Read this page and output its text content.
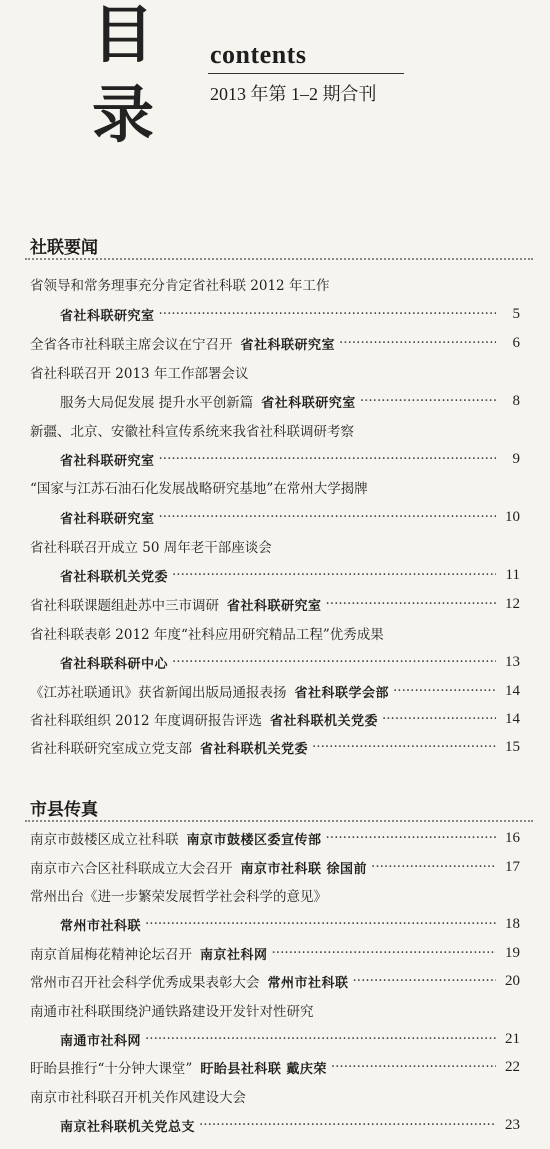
目
录
contents
2013 年第 1–2 期合刊
社联要闻
省领导和常务理事充分肯定省社科联 2012 年工作
省社科联研究室 ·····	5
全省各市社科联主席会议在宁召开 省社科联研究室 ·····	6
省社科联召开 2013 年工作部署会议
服务大局促发展 提升水平创新篇 省社科联研究室 ·····	8
新疆、北京、安徽社科宣传系统来我省社科联调研考察
省社科联研究室 ·····	9
“国家与江苏石油石化发展战略研究基地”在常州大学揭牌
省社科联研究室 ·····	10
省社科联召开成立 50 周年老干部座谈会
省社科联机关党委 ·····	11
省社科联课题组赴苏中三市调研 省社科联研究室 ·····	12
省社科联表彰 2012 年度“社科应用研究精品工程”优秀成果
省社科联科研中心 ·····	13
《江苏社联通讯》获省新闻出版局通报表扬 省社科联学会部 ·····	14
省社科联组织 2012 年度调研报告评选 省社科联机关党委 ·····	14
省社科联研究室成立党支部 省社科联机关党委 ·····	15
市县传真
南京市鼓楼区成立社科联 南京市鼓楼区委宣传部 ·····	16
南京市六合区社科联成立大会召开 南京市社科联 徐国前 ·····	17
常州出台《进一步繁荣发展哲学社会科学的意见》
常州市社科联 ·····	18
南京首届梅花精神论坛召开 南京社科网 ·····	19
常州市召开社会科学优秀成果表彰大会 常州市社科联 ·····	20
南通市社科联围绕沪通铁路建设开发针对性研究
南通市社科网 ·····	21
盱眙县推行“十分钟大课堂” 盱眙县社科联 戴庆荣 ·····	22
南京市社科联召开机关作风建设大会
南京社科联机关党总支 ·····	23
